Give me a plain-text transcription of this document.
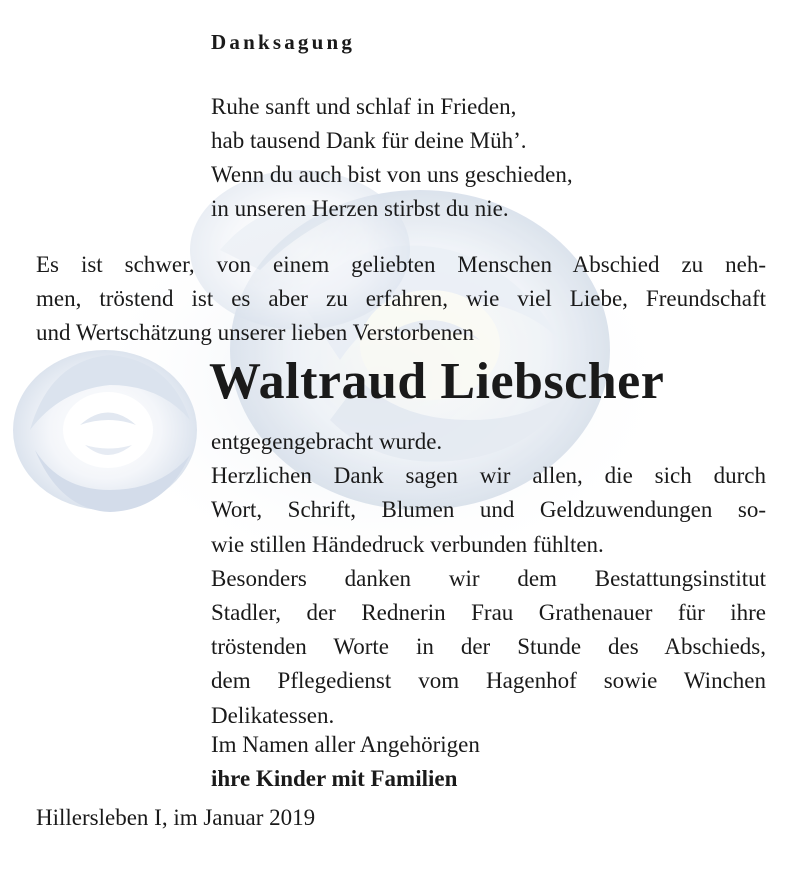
Danksagung
Ruhe sanft und schlaf in Frieden,
hab tausend Dank für deine Müh’.
Wenn du auch bist von uns geschieden,
in unseren Herzen stirbst du nie.
Es ist schwer, von einem geliebten Menschen Abschied zu neh-
men, tröstend ist es aber zu erfahren, wie viel Liebe, Freundschaft
und Wertschätzung unserer lieben Verstorbenen
Waltraud Liebscher
entgegengebracht wurde.
Herzlichen Dank sagen wir allen, die sich durch
Wort, Schrift, Blumen und Geldzuwendungen so-
wie stillen Händedruck verbunden fühlten.
Besonders danken wir dem Bestattungsinstitut
Stadler, der Rednerin Frau Grathenauer für ihre
tröstenden Worte in der Stunde des Abschieds,
dem Pflegedienst vom Hagenhof sowie Winchen
Delikatessen.
Im Namen aller Angehörigen
ihre Kinder mit Familien
Hillersleben I, im Januar 2019
